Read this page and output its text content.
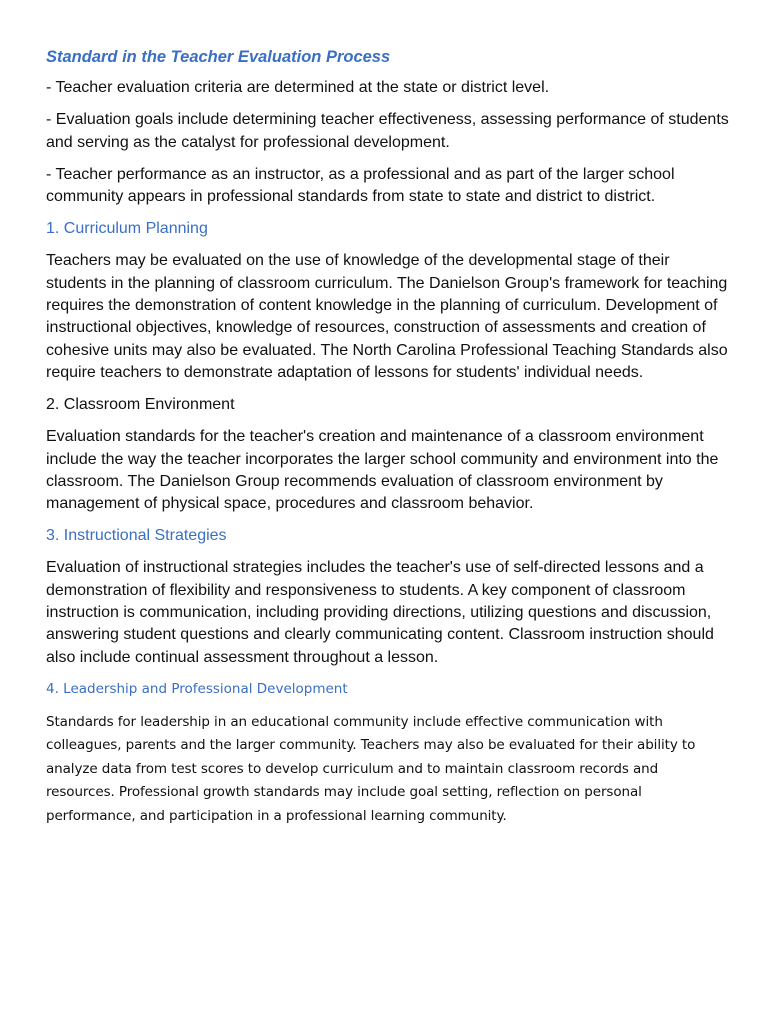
Standard in the Teacher Evaluation Process

- Teacher evaluation criteria are determined at the state or district level.

- Evaluation goals include determining teacher effectiveness, assessing performance of students and serving as the catalyst for professional development.

- Teacher performance as an instructor, as a professional and as part of the larger school community appears in professional standards from state to state and district to district.

1. Curriculum Planning

Teachers may be evaluated on the use of knowledge of the developmental stage of their students in the planning of classroom curriculum. The Danielson Group's framework for teaching requires the demonstration of content knowledge in the planning of curriculum. Development of instructional objectives, knowledge of resources, construction of assessments and creation of cohesive units may also be evaluated. The North Carolina Professional Teaching Standards also require teachers to demonstrate adaptation of lessons for students' individual needs.

2. Classroom Environment

Evaluation standards for the teacher's creation and maintenance of a classroom environment include the way the teacher incorporates the larger school community and environment into the classroom. The Danielson Group recommends evaluation of classroom environment by management of physical space, procedures and classroom behavior.

3. Instructional Strategies

Evaluation of instructional strategies includes the teacher's use of self-directed lessons and a demonstration of flexibility and responsiveness to students. A key component of classroom instruction is communication, including providing directions, utilizing questions and discussion, answering student questions and clearly communicating content. Classroom instruction should also include continual assessment throughout a lesson.

4. Leadership and Professional Development

Standards for leadership in an educational community include effective communication with colleagues, parents and the larger community. Teachers may also be evaluated for their ability to analyze data from test scores to develop curriculum and to maintain classroom records and resources. Professional growth standards may include goal setting, reflection on personal performance, and participation in a professional learning community.
